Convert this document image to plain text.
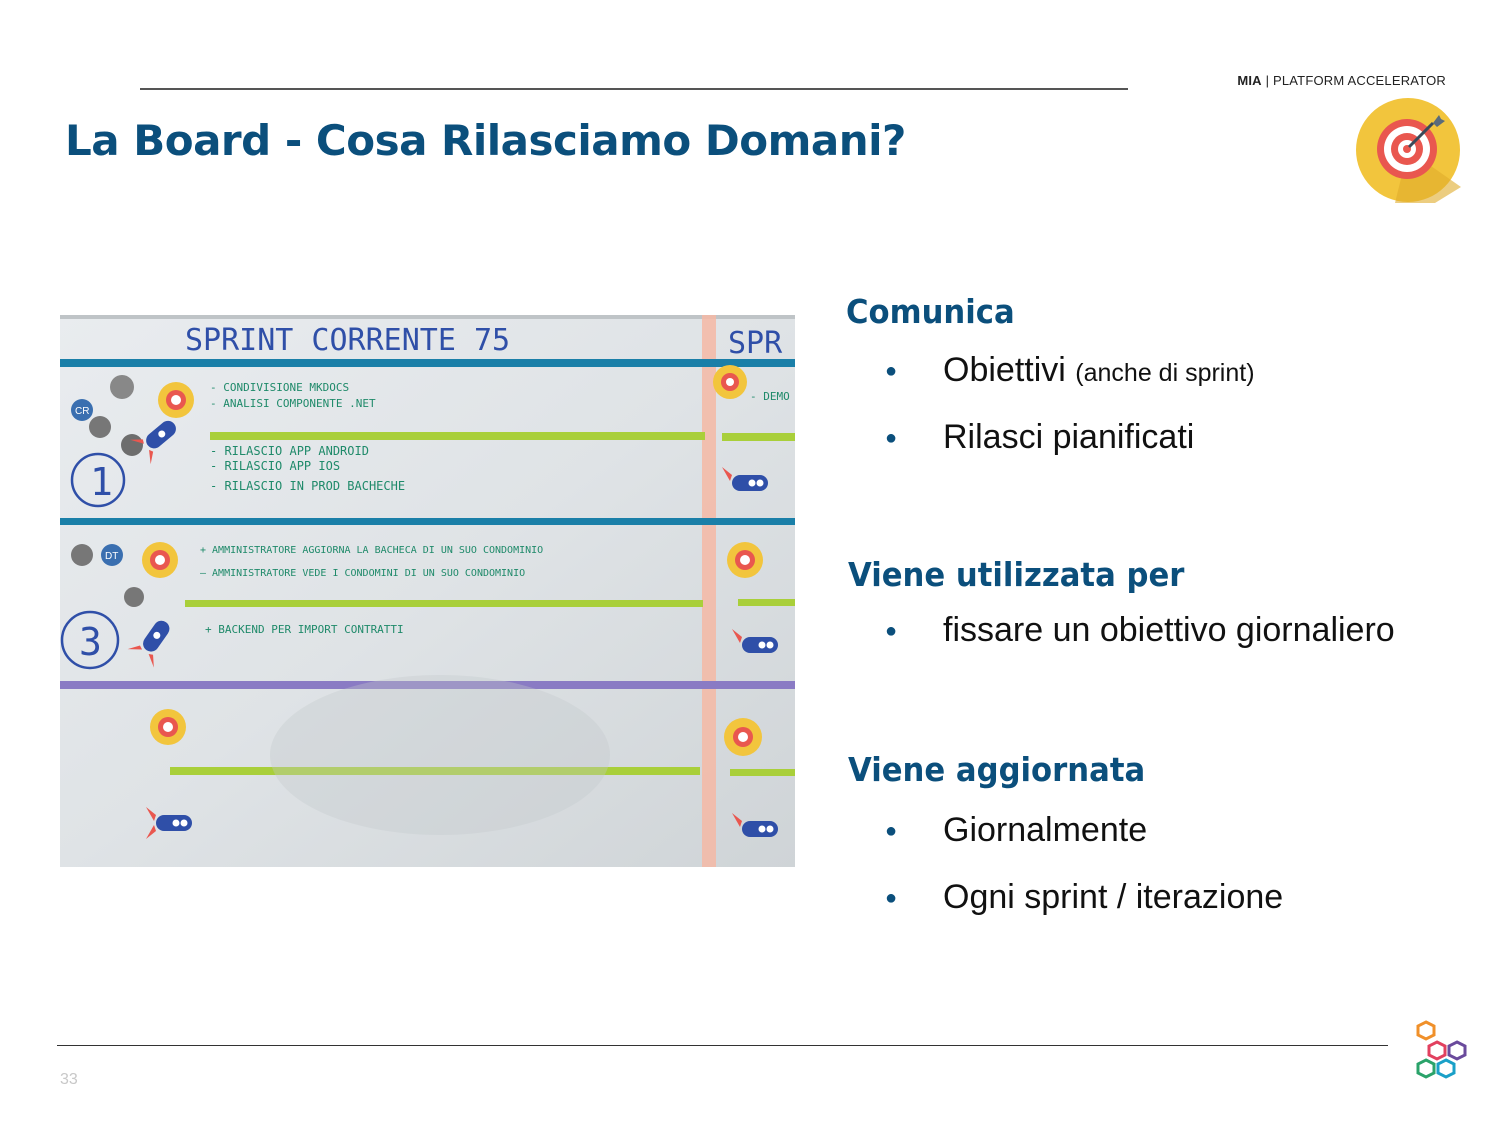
MIA | PLATFORM ACCELERATOR
La Board - Cosa Rilasciamo Domani?
SPRINT CORRENTE 75	SPR
CR
1
- CONDIVISIONE MKDOCS
- ANALISI COMPONENTE .NET
- RILASCIO APP ANDROID
- RILASCIO APP IOS
- RILASCIO IN PROD BACHECHE
DT
3
+ AMMINISTRATORE AGGIORNA LA BACHECA DI UN SUO CONDOMINIO
— AMMINISTRATORE VEDE I CONDOMINI DI UN SUO CONDOMINIO
+ BACKEND PER IMPORT CONTRATTI
- DEMO
Comunica
● Obiettivi (anche di sprint)
● Rilasci pianificati
Viene utilizzata per
● fissare un obiettivo giornaliero
Viene aggiornata
● Giornalmente
● Ogni sprint / iterazione
33
